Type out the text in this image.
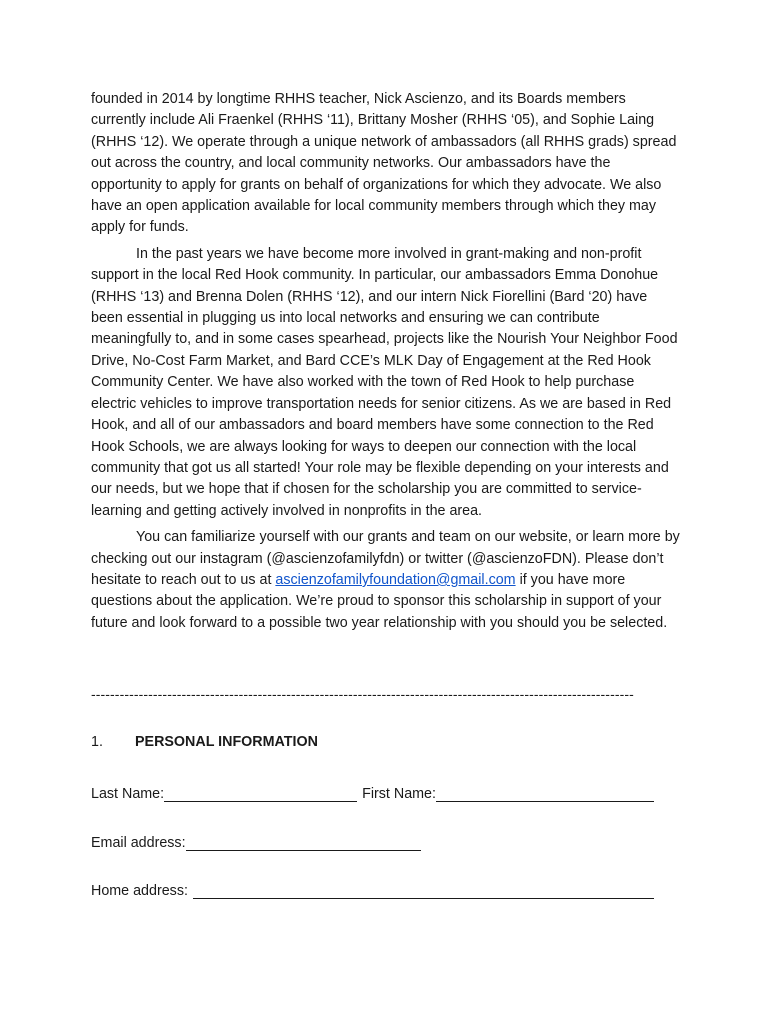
founded in 2014 by longtime RHHS teacher, Nick Ascienzo, and its Boards members currently include Ali Fraenkel (RHHS ‘11), Brittany Mosher (RHHS ‘05), and Sophie Laing (RHHS ‘12). We operate through a unique network of ambassadors (all RHHS grads) spread out across the country, and local community networks. Our ambassadors have the opportunity to apply for grants on behalf of organizations for which they advocate. We also have an open application available for local community members through which they may apply for funds.

In the past years we have become more involved in grant-making and non-profit support in the local Red Hook community. In particular, our ambassadors Emma Donohue (RHHS ‘13) and Brenna Dolen (RHHS ‘12), and our intern Nick Fiorellini (Bard ‘20) have been essential in plugging us into local networks and ensuring we can contribute meaningfully to, and in some cases spearhead, projects like the Nourish Your Neighbor Food Drive, No-Cost Farm Market, and Bard CCE’s MLK Day of Engagement at the Red Hook Community Center. We have also worked with the town of Red Hook to help purchase electric vehicles to improve transportation needs for senior citizens. As we are based in Red Hook, and all of our ambassadors and board members have some connection to the Red Hook Schools, we are always looking for ways to deepen our connection with the local community that got us all started! Your role may be flexible depending on your interests and our needs, but we hope that if chosen for the scholarship you are committed to service-learning and getting actively involved in nonprofits in the area.

You can familiarize yourself with our grants and team on our website, or learn more by checking out our instagram (@ascienzofamilyfdn) or twitter (@ascienzoFDN). Please don’t hesitate to reach out to us at ascienzofamilyfoundation@gmail.com if you have more questions about the application. We’re proud to sponsor this scholarship in support of your future and look forward to a possible two year relationship with you should you be selected.

------------------------------------------------------------------------------------------------------------------
1.	PERSONAL INFORMATION
Last Name:	First Name:
Email address:
Home address:
